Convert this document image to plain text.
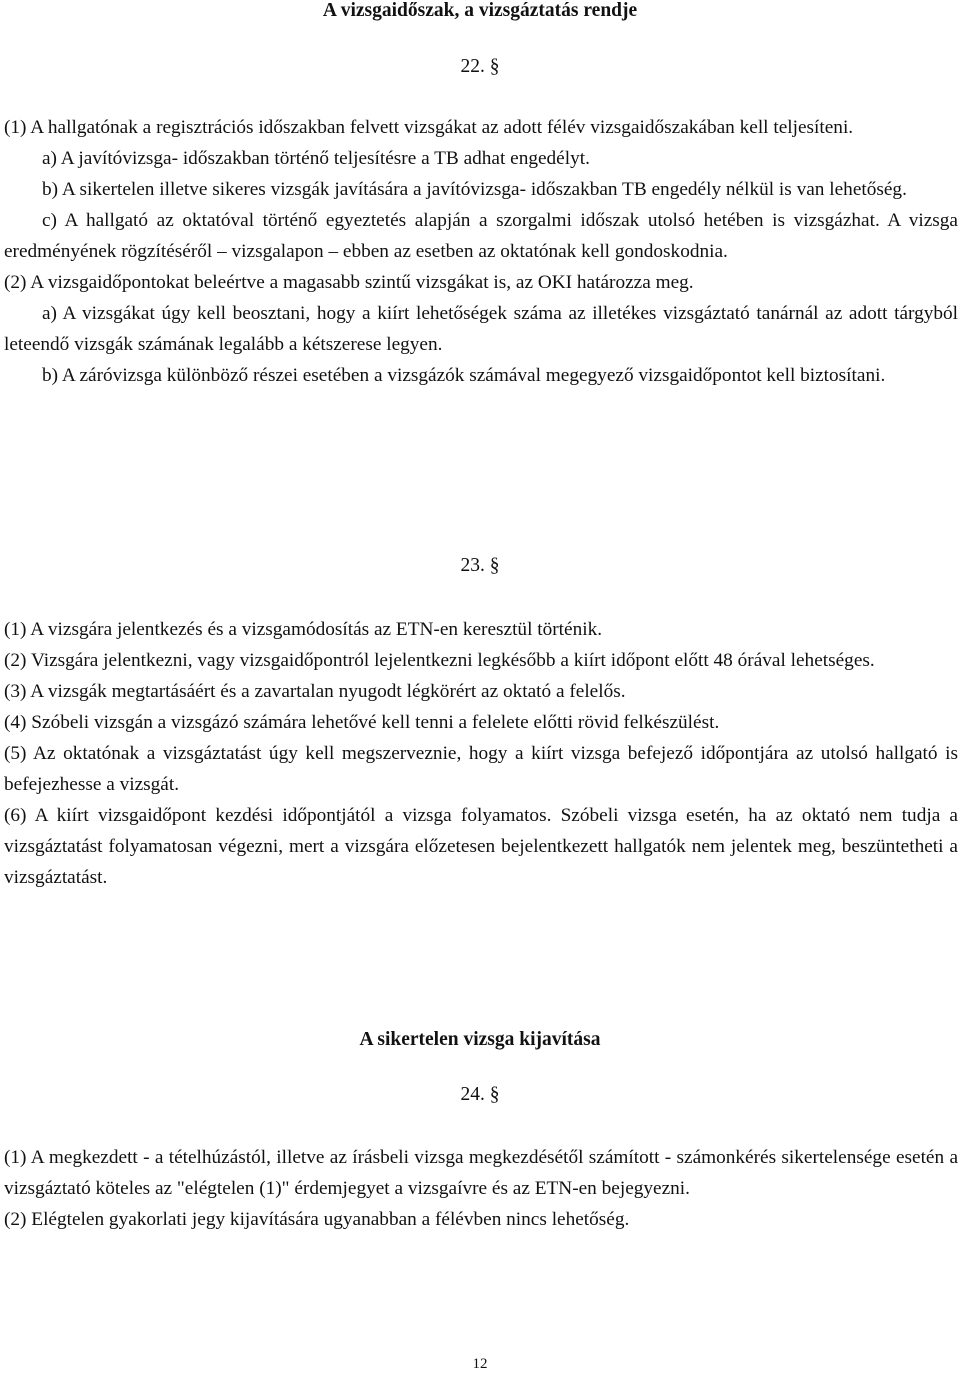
A vizsgaidőszak, a vizsgáztatás rendje
22. §

(1) A hallgatónak a regisztrációs időszakban felvett vizsgákat az adott félév vizsgaidőszakában kell teljesíteni.

a) A javítóvizsga- időszakban történő teljesítésre a TB adhat engedélyt.

b) A sikertelen illetve sikeres vizsgák javítására a javítóvizsga- időszakban TB engedély nélkül is van lehetőség.

c) A hallgató az oktatóval történő egyeztetés alapján a szorgalmi időszak utolsó hetében is vizsgázhat. A vizsga eredményének rögzítéséről – vizsgalapon – ebben az esetben az oktatónak kell gondoskodnia.

(2) A vizsgaidőpontokat beleértve a magasabb szintű vizsgákat is, az OKI határozza meg.

a) A vizsgákat úgy kell beosztani, hogy a kiírt lehetőségek száma az illetékes vizsgáztató tanárnál az adott tárgyból leteendő vizsgák számának legalább a kétszerese legyen.

b) A záróvizsga különböző részei esetében a vizsgázók számával megegyező vizsgaidőpontot kell biztosítani.

23. §

(1) A vizsgára jelentkezés és a vizsgamódosítás az ETN-en keresztül történik.

(2) Vizsgára jelentkezni, vagy vizsgaidőpontról lejelentkezni legkésőbb a kiírt időpont előtt 48 órával lehetséges.

(3) A vizsgák megtartásáért és a zavartalan nyugodt légkörért az oktató a felelős.

(4) Szóbeli vizsgán a vizsgázó számára lehetővé kell tenni a felelete előtti rövid felkészülést.

(5) Az oktatónak a vizsgáztatást úgy kell megszerveznie, hogy a kiírt vizsga befejező időpontjára az utolsó hallgató is befejezhesse a vizsgát.

(6) A kiírt vizsgaidőpont kezdési időpontjától a vizsga folyamatos. Szóbeli vizsga esetén, ha az oktató nem tudja a vizsgáztatást folyamatosan végezni, mert a vizsgára előzetesen bejelentkezett hallgatók nem jelentek meg, beszüntetheti a vizsgáztatást.

A sikertelen vizsga kijavítása
24. §

(1) A megkezdett - a tételhúzástól, illetve az írásbeli vizsga megkezdésétől számított - számonkérés sikertelensége esetén a vizsgáztató köteles az "elégtelen (1)" érdemjegyet a vizsgaívre és az ETN-en bejegyezni.

(2) Elégtelen gyakorlati jegy kijavítására ugyanabban a félévben nincs lehetőség.

12
